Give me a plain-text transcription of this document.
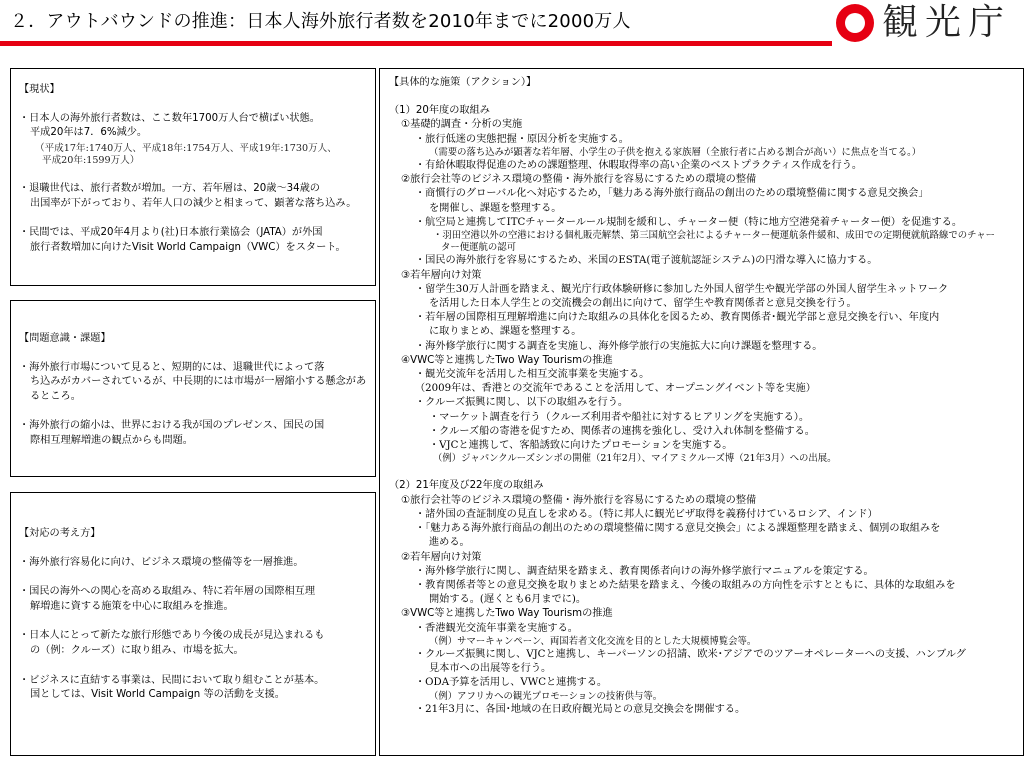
２．アウトバウンドの推進：日本人海外旅行者数を2010年までに2000万人	観光庁
【現状】
・日本人の海外旅行者数は、ここ数年1700万人台で横ばい状態。
平成20年は7．6%減少。
（平成17年:1740万人、平成18年:1754万人、平成19年:1730万人、
平成20年:1599万人）
・退職世代は、旅行者数が増加。一方、若年層は、20歳～34歳の
出国率が下がっており、若年人口の減少と相まって、顕著な落ち込み。
・民間では、平成20年4月より(社)日本旅行業協会（JATA）が外国
旅行者数増加に向けたVisit World Campaign（VWC）をスタート。
【問題意識・課題】
・海外旅行市場について見ると、短期的には、退職世代によって落
ち込みがカバーされているが、中長期的には市場が一層縮小する懸念があるところ。
・海外旅行の縮小は、世界における我が国のプレゼンス、国民の国
際相互理解増進の観点からも問題。
【対応の考え方】
・海外旅行容易化に向け、ビジネス環境の整備等を一層推進。
・国民の海外への関心を高める取組み、特に若年層の国際相互理
解増進に資する施策を中心に取組みを推進。
・日本人にとって新たな旅行形態であり今後の成長が見込まれるも
の（例：クルーズ）に取り組み、市場を拡大。
・ビジネスに直結する事業は、民間において取り組むことが基本。
国としては、Visit World Campaign 等の活動を支援。
【具体的な施策（アクション）】
（1）20年度の取組み
①基礎的調査・分析の実施
・旅行低迷の実態把握・原因分析を実施する。
（需要の落ち込みが顕著な若年層、小学生の子供を抱える家族層（全旅行者に占める割合が高い）に焦点を当てる。）
・有給休暇取得促進のための課題整理、休暇取得率の高い企業のベストプラクティス作成を行う。
②旅行会社等のビジネス環境の整備・海外旅行を容易にするための環境の整備
・商慣行のグローバル化へ対応するため，「魅力ある海外旅行商品の創出のための環境整備に関する意見交換会」
を開催し、課題を整理する。
・航空局と連携してITCチャータールール規制を緩和し、チャーター便（特に地方空港発着チャーター便）を促進する。
・羽田空港以外の空港における個札販売解禁、第三国航空会社によるチャーター便運航条件緩和、成田での定期便就航路線でのチャー
ター便運航の認可
・国民の海外旅行を容易にするため、米国のESTA(電子渡航認証システム)の円滑な導入に協力する。
③若年層向け対策
・留学生30万人計画を踏まえ、観光庁行政体験研修に参加した外国人留学生や観光学部の外国人留学生ネットワーク
を活用した日本人学生との交流機会の創出に向けて、留学生や教育関係者と意見交換を行う。
・若年層の国際相互理解増進に向けた取組みの具体化を図るため、教育関係者･観光学部と意見交換を行い、年度内
に取りまとめ、課題を整理する。
・海外修学旅行に関する調査を実施し、海外修学旅行の実施拡大に向け課題を整理する。
④VWC等と連携したTwo Way Tourismの推進
・観光交流年を活用した相互交流事業を実施する。
（2009年は、香港との交流年であることを活用して、オープニングイベント等を実施）
・クルーズ振興に関し、以下の取組みを行う。
・マーケット調査を行う（クルーズ利用者や船社に対するヒアリングを実施する）。
・クルーズ船の寄港を促すため、関係者の連携を強化し、受け入れ体制を整備する。
・VJCと連携して、客船誘致に向けたプロモーションを実施する。
（例）ジャパンクルーズシンポの開催（21年2月）、マイアミクルーズ博（21年3月）への出展。
（2）21年度及び22年度の取組み
①旅行会社等のビジネス環境の整備・海外旅行を容易にするための環境の整備
・諸外国の査証制度の見直しを求める。（特に邦人に観光ビザ取得を義務付けているロシア、インド）
・「魅力ある海外旅行商品の創出のための環境整備に関する意見交換会」による課題整理を踏まえ、個別の取組みを
進める。
②若年層向け対策
・海外修学旅行に関し、調査結果を踏まえ、教育関係者向けの海外修学旅行マニュアルを策定する。
・教育関係者等との意見交換を取りまとめた結果を踏まえ、今後の取組みの方向性を示すとともに、具体的な取組みを
開始する。(遅くとも6月までに)。
③VWC等と連携したTwo Way Tourismの推進
・香港観光交流年事業を実施する。
（例）サマーキャンペーン、両国若者文化交流を目的とした大規模博覧会等。
・クルーズ振興に関し、VJCと連携し、キーパーソンの招請、欧米･アジアでのツアーオペレーターへの支援、ハンブルグ
見本市への出展等を行う。
・ODA予算を活用し、VWCと連携する。
（例）アフリカへの観光プロモーションの技術供与等。
・21年3月に、各国･地域の在日政府観光局との意見交換会を開催する。
